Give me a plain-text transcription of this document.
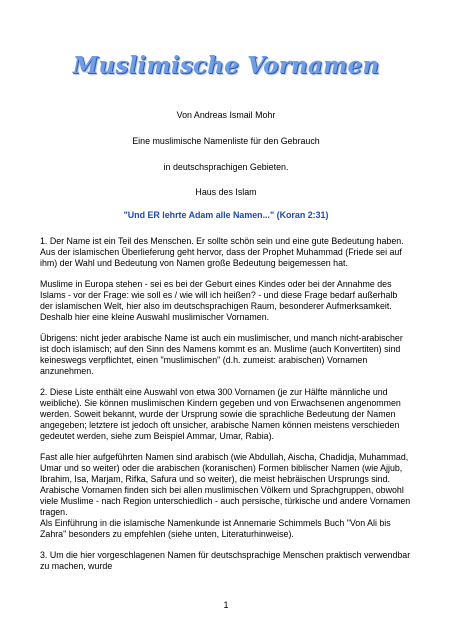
Muslimische Vornamen
Von Andreas Ismail Mohr
Eine muslimische Namenliste für den Gebrauch
in deutschsprachigen Gebieten.
Haus des Islam
"Und ER lehrte Adam alle Namen..." (Koran 2:31)

1. Der Name ist ein Teil des Menschen. Er sollte schön sein und eine gute Bedeutung haben. Aus der islamischen Überlieferung geht hervor, dass der Prophet Muhammad (Friede sei auf ihm) der Wahl und Bedeutung von Namen große Bedeutung beigemessen hat.

Muslime in Europa stehen - sei es bei der Geburt eines Kindes oder bei der Annahme des Islams - vor der Frage: wie soll es / wie will ich heißen? - und diese Frage bedarf außerhalb der islamischen Welt, hier also im deutschsprachigen Raum, besonderer Aufmerksamkeit. Deshalb hier eine kleine Auswahl muslimischer Vornamen.

Übrigens: nicht jeder arabische Name ist auch ein muslimischer, und manch nicht-arabischer ist doch islamisch; auf den Sinn des Namens kommt es an. Muslime (auch Konvertiten) sind keineswegs verpflichtet, einen "muslimischen" (d.h. zumeist: arabischen) Vornamen anzunehmen.

2. Diese Liste enthält eine Auswahl von etwa 300 Vornamen (je zur Hälfte männliche und weibliche). Sie können muslimischen Kindern gegeben und von Erwachsenen angenommen werden. Soweit bekannt, wurde der Ursprung sowie die sprachliche Bedeutung der Namen angegeben; letztere ist jedoch oft unsicher, arabische Namen können meistens verschieden gedeutet werden, siehe zum Beispiel Ammar, Umar, Rabia).

Fast alle hier aufgeführten Namen sind arabisch (wie Abdullah, Aischa, Chadidja, Muhammad, Umar und so weiter) oder die arabischen (koranischen) Formen biblischer Namen (wie Ajjub, Ibrahim, Isa, Marjam, Rifka, Safura und so weiter), die meist hebräischen Ursprungs sind. Arabische Vornamen finden sich bei allen muslimischen Völkern und Sprachgruppen, obwohl viele Muslime - nach Region unterschiedlich - auch persische, türkische und andere Vornamen tragen.

Als Einführung in die islamische Namenkunde ist Annemarie Schimmels Buch "Von Ali bis Zahra" besonders zu empfehlen (siehe unten, Literaturhinweise).

3. Um die hier vorgeschlagenen Namen für deutschsprachige Menschen praktisch verwendbar zu machen, wurde

1
